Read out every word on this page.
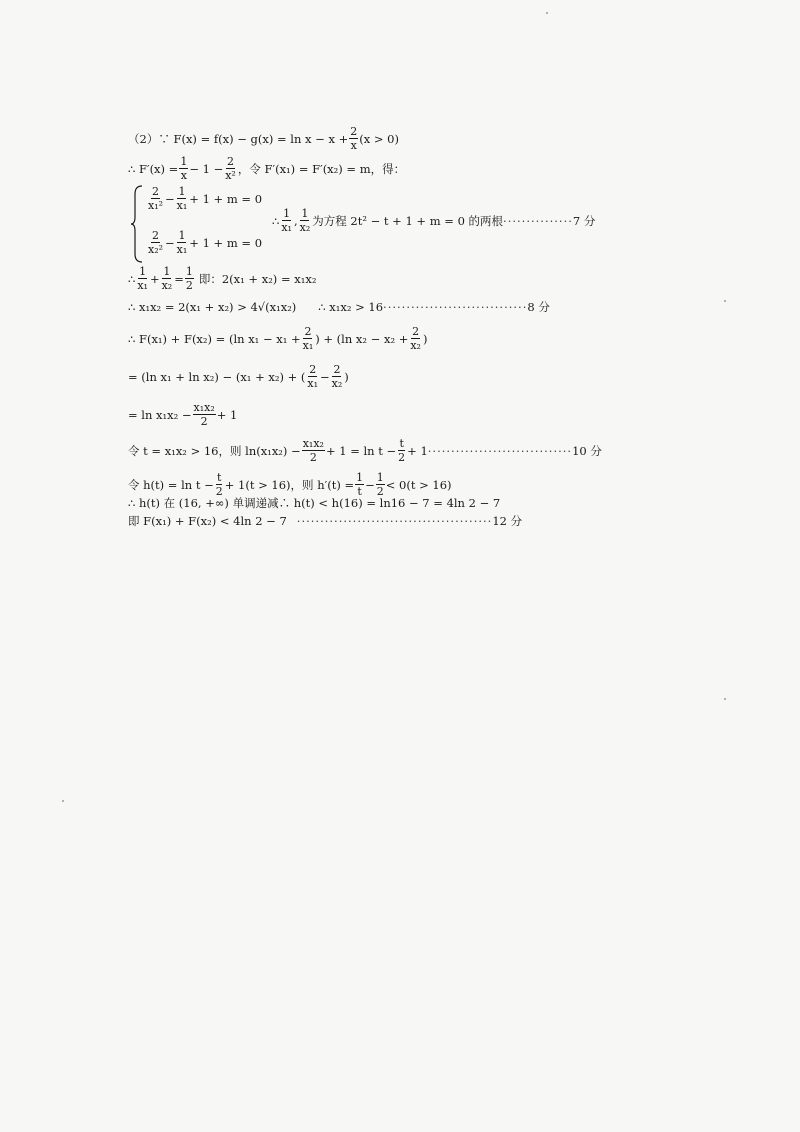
（2）∵ $F(x) = f(x) - g(x) = \ln x - x + \frac{2}{x} (x > 0)$
∴ $F'(x) = \frac{1}{x} - 1 - \frac{2}{\text{x²}}$ ，令 F′(x₁) = F′(x₂) = m，得：
$\frac{2}{\text{x₁²}} - \frac{1}{\text{x₁}} + 1 + m = 0$
$\frac{2}{\text{x₂²}} - \frac{1}{\text{x₁}} + 1 + m = 0$
∴ $\frac{1}{\text{x₁}}$ , $\frac{1}{\text{x₂}}$ 为方程 2t² − t + 1 + m = 0 的两根 ··············· 7 分
∴ $\frac{1}{\text{x₁}} + \frac{1}{\text{x₂}} = \frac{1}{2}$ 即：2(x₁ + x₂) = x₁x₂
∴ x₁x₂ = 2(x₁ + x₂) > 4√(x₁x₂) ∴ x₁x₂ > 16 ······························· 8 分
∴ F(x₁) + F(x₂) = (ln $x_1 - x_1 + \frac{2}{\text{x₁}}$ ) + (ln $x_2 - x_2 + \frac{2}{\text{x₂}}$ )
= (ln x₁ + ln x₂) − (x₁ + x₂) + ( $\frac{2}{\text{x₁}} - \frac{2}{\text{x₂}}$ )
= $\ln x_1x_2 - \frac{\text{x₁x₂}}{2} + 1$
令 t = x₁x₂ > 16，则 $\ln(x_1x_2) - \frac{\text{x₁x₂}}{2} + 1 = \ln t - \frac{t}{2} + 1$ ······························· 10 分
令 $h(t) = \ln t - \frac{t}{2} + 1(t > 16)$，则 $h'(t) = \frac{1}{t} - \frac{1}{2} < 0(t > 16)$
∴ h(t) 在 (16, +∞) 单调递减∴ h(t) < h(16) = ln16 − 7 = 4ln 2 − 7
即 F(x₁) + F(x₂) < 4ln 2 − 7 ·········································· 12 分
